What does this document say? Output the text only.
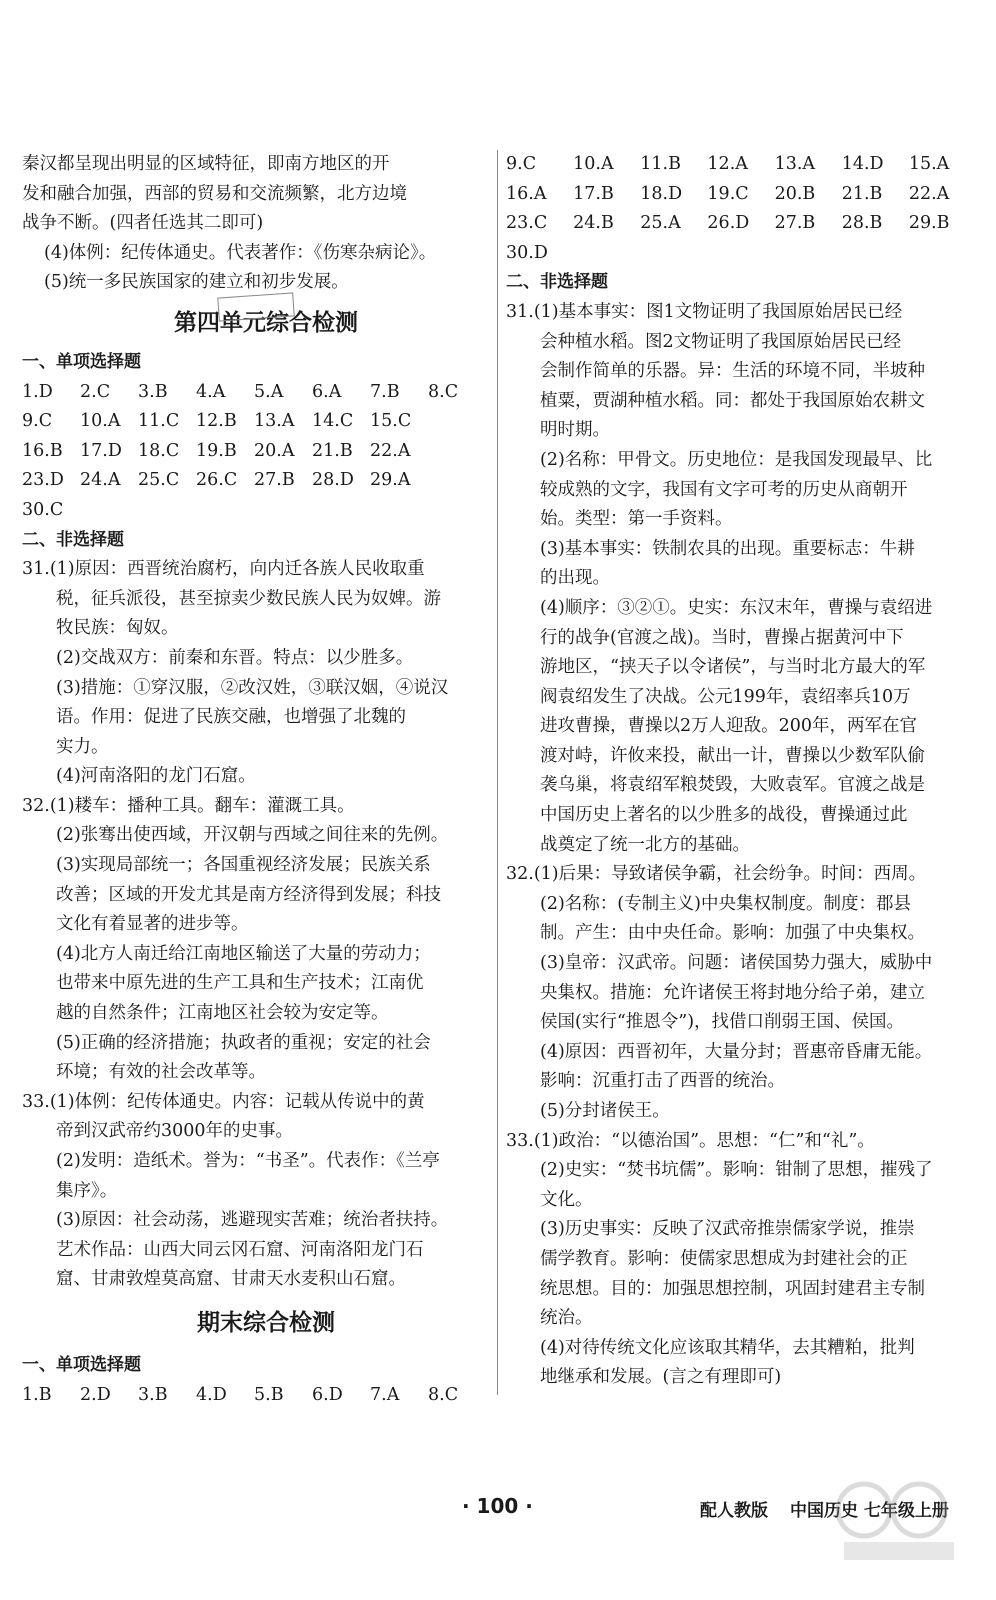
秦汉都呈现出明显的区域特征，即南方地区的开
发和融合加强，西部的贸易和交流频繁，北方边境
战争不断。(四者任选其二即可)
(4)体例：纪传体通史。代表著作：《伤寒杂病论》。
(5)统一多民族国家的建立和初步发展。
第四单元综合检测
一、单项选择题
1.D	2.C	3.B	4.A	5.A	6.A	7.B	8.C
9.C	10.A	11.C 12.B 13.A	14.C 15.C
16.B 17.D 18.C 19.B 20.A	21.B 22.A
23.D 24.A	25.C 26.C 27.B 28.D 29.A
30.C
二、非选择题
31.(1)原因：西晋统治腐朽，向内迁各族人民收取重
税，征兵派役，甚至掠卖少数民族人民为奴婢。游
牧民族：匈奴。
(2)交战双方：前秦和东晋。特点：以少胜多。
(3)措施：①穿汉服，②改汉姓，③联汉姻，④说汉
语。作用：促进了民族交融，也增强了北魏的
实力。
(4)河南洛阳的龙门石窟。
32.(1)耧车：播种工具。翻车：灌溉工具。
(2)张骞出使西域，开汉朝与西域之间往来的先例。
(3)实现局部统一；各国重视经济发展；民族关系
改善；区域的开发尤其是南方经济得到发展；科技
文化有着显著的进步等。
(4)北方人南迁给江南地区输送了大量的劳动力；
也带来中原先进的生产工具和生产技术；江南优
越的自然条件；江南地区社会较为安定等。
(5)正确的经济措施；执政者的重视；安定的社会
环境；有效的社会改革等。
33.(1)体例：纪传体通史。内容：记载从传说中的黄
帝到汉武帝约3000年的史事。
(2)发明：造纸术。誉为：“书圣”。代表作：《兰亭
集序》。
(3)原因：社会动荡，逃避现实苦难；统治者扶持。
艺术作品：山西大同云冈石窟、河南洛阳龙门石
窟、甘肃敦煌莫高窟、甘肃天水麦积山石窟。
期末综合检测
一、单项选择题
1.B	2.D	3.B	4.D	5.B	6.D	7.A	8.C

9.C	10.A	11.B	12.A	13.A	14.D	15.A
16.A	17.B	18.D	19.C	20.B	21.B	22.A
23.C	24.B	25.A	26.D	27.B	28.B	29.B
30.D
二、非选择题
31.(1)基本事实：图1文物证明了我国原始居民已经
会种植水稻。图2文物证明了我国原始居民已经
会制作简单的乐器。异：生活的环境不同，半坡种
植粟，贾湖种植水稻。同：都处于我国原始农耕文
明时期。
(2)名称：甲骨文。历史地位：是我国发现最早、比
较成熟的文字，我国有文字可考的历史从商朝开
始。类型：第一手资料。
(3)基本事实：铁制农具的出现。重要标志：牛耕
的出现。
(4)顺序：③②①。史实：东汉末年，曹操与袁绍进
行的战争(官渡之战)。当时，曹操占据黄河中下
游地区，“挟天子以令诸侯”，与当时北方最大的军
阀袁绍发生了决战。公元199年，袁绍率兵10万
进攻曹操，曹操以2万人迎敌。200年，两军在官
渡对峙，许攸来投，献出一计，曹操以少数军队偷
袭乌巢，将袁绍军粮焚毁，大败袁军。官渡之战是
中国历史上著名的以少胜多的战役，曹操通过此
战奠定了统一北方的基础。
32.(1)后果：导致诸侯争霸，社会纷争。时间：西周。
(2)名称：(专制主义)中央集权制度。制度：郡县
制。产生：由中央任命。影响：加强了中央集权。
(3)皇帝：汉武帝。问题：诸侯国势力强大，威胁中
央集权。措施：允许诸侯王将封地分给子弟，建立
侯国(实行“推恩令”)，找借口削弱王国、侯国。
(4)原因：西晋初年，大量分封；晋惠帝昏庸无能。
影响：沉重打击了西晋的统治。
(5)分封诸侯王。
33.(1)政治：“以德治国”。思想：“仁”和“礼”。
(2)史实：“焚书坑儒”。影响：钳制了思想，摧残了
文化。
(3)历史事实：反映了汉武帝推崇儒家学说，推崇
儒学教育。影响：使儒家思想成为封建社会的正
统思想。目的：加强思想控制，巩固封建君主专制
统治。
(4)对待传统文化应该取其精华，去其糟粕，批判
地继承和发展。(言之有理即可)
· 100 ·	配人教版 中国历史 七年级上册
